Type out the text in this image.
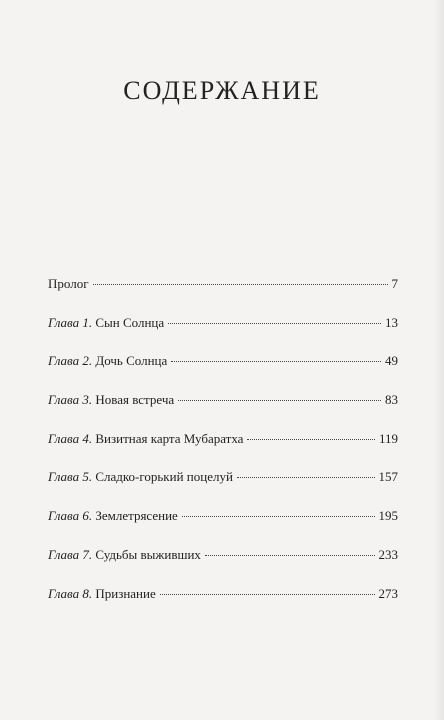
СОДЕРЖАНИЕ
Пролог	7
Глава 1. Сын Солнца	13
Глава 2. Дочь Солнца	49
Глава 3. Новая встреча	83
Глава 4. Визитная карта Мубаратха	119
Глава 5. Сладко-горький поцелуй	157
Глава 6. Землетрясение	195
Глава 7. Судьбы выживших	233
Глава 8. Признание	273
